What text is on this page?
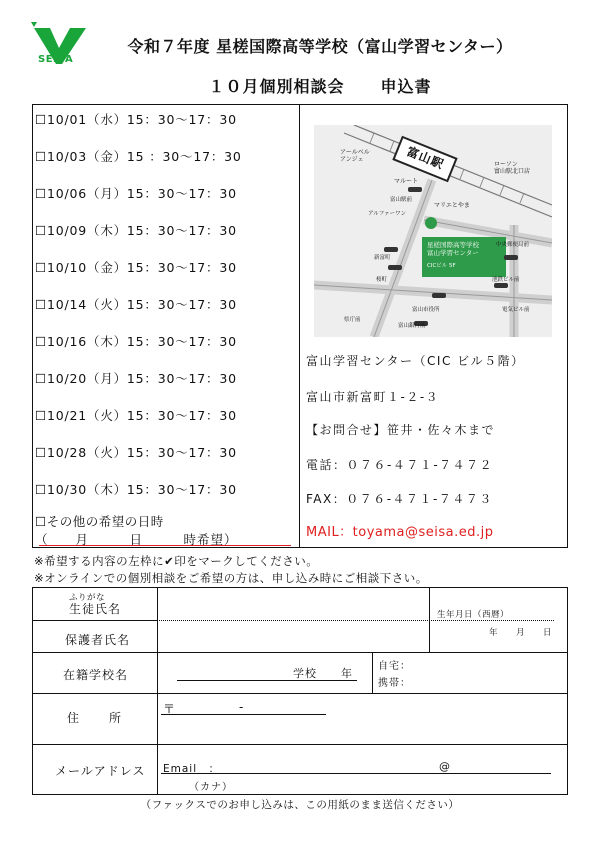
SEISA
令和７年度 星槎国際高等学校（富山学習センター）
１０月個別相談会 申込書
☐10/01（水）15：30～17：30
☐10/03（金）15 ：30～17：30
☐10/06（月）15：30～17：30
☐10/09（木）15：30～17：30
☐10/10（金）15：30～17：30
☐10/14（火）15：30～17：30
☐10/16（木）15：30～17：30
☐10/20（月）15：30～17：30
☐10/21（火）15：30～17：30
☐10/28（火）15：30～17：30
☐10/30（木）15：30～17：30
☐その他の希望の日時
（　　月　　　日　　　時希望）
富山駅
アールベル
アンジェ
ローソン
富山駅北口店
マルート
マリエとやま
富山駅前
アルファーワン
星槎国際高等学校
富山学習センター
CICビル 5F
中央郵便局前
新富町
桜町	池鉄ビル前
電気ビル前
県庁前
富山市役所
富山銀行前
富山学習センター（CIC ビル５階）
富山市新富町１-２-３
【お問合せ】笹井・佐々木まで
電話：０７６-４７１-７４７２
FAX：０７６-４７１-７４７３
MAIL：toyama@seisa.ed.jp
※希望する内容の左枠に✔印をマークしてください。
※オンラインでの個別相談をご希望の方は、申し込み時にご相談下さい。
ふりがな
生徒氏名
保護者氏名
生年月日（西暦）
年　　月　　日
在籍学校名	学校　　年
自宅：
携帯：
住　　所
〒	-
メールアドレス Email　：	@
（カナ）
（ファックスでのお申し込みは、この用紙のまま送信ください）
